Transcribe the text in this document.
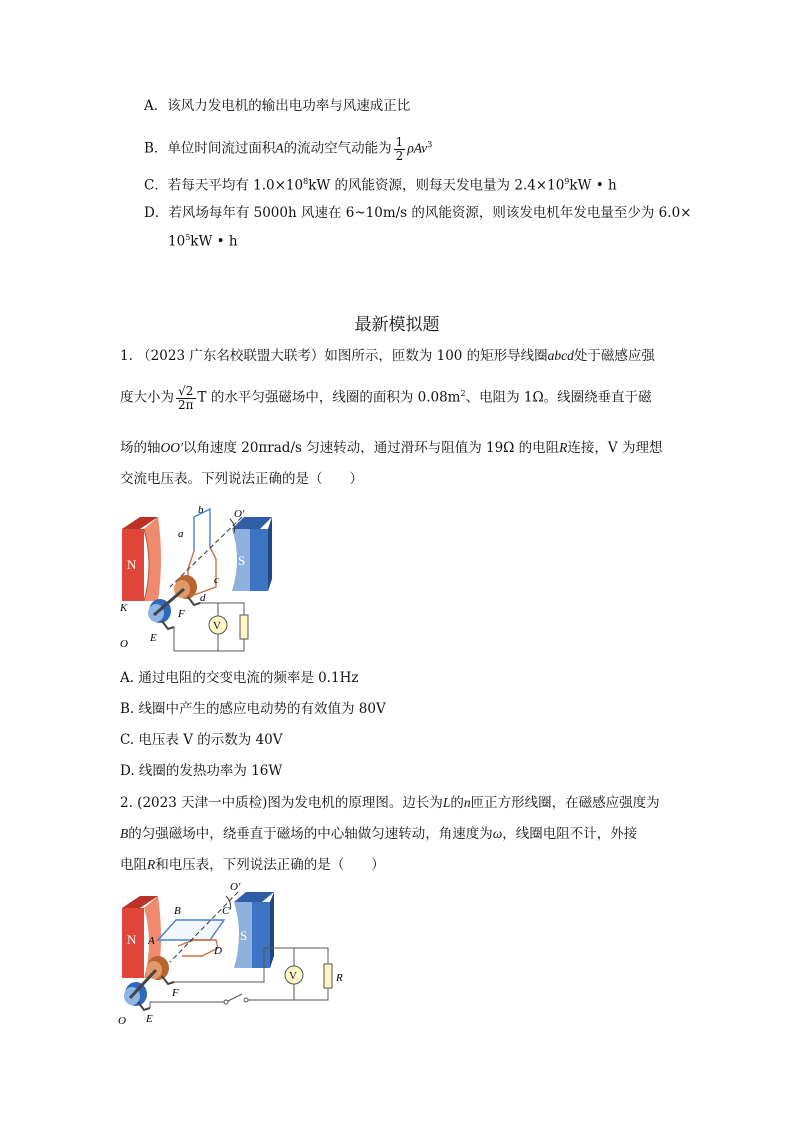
A．该风力发电机的输出电功率与风速成正比
B．单位时间流过面积A的流动空气动能为 $\frac{1}{2} \rho Av^3$
C．若每天平均有 $1.0\times 10^8kW$ 的风能资源，则每天发电量为 $2.4\times 10^9kW$ • h
D．若风场每年有 5000h 风速在 6~10m/s 的风能资源，则该发电机年发电量至少为 6.0×
$10^5kW$ • h
最新模拟题
1. （2023 广东名校联盟大联考）如图所示，匝数为 100 的矩形导线圈abcd处于磁感应强
度大小为 $\frac{√2}{2\pi}$ T 的水平匀强磁场中，线圈的面积为 $0.08m^2$、电阻为 1Ω。线圈绕垂直于磁
场的轴OO′以角速度 20πrad/s 匀速转动，通过滑环与阻值为 19Ω 的电阻R连接，V 为理想
交流电压表。下列说法正确的是（　　）
N	S
V
b
a
c
d
O′
K	F
O E
A. 通过电阻的交变电流的频率是 0.1Hz
B. 线圈中产生的感应电动势的有效值为 80V
C. 电压表 V 的示数为 40V
D. 线圈的发热功率为 16W
2. (2023 天津一中质检)图为发电机的原理图。边长为L的n匝正方形线圈，在磁感应强度为
B的匀强磁场中，绕垂直于磁场的中心轴做匀速转动，角速度为ω，线圈电阻不计，外接
电阻R和电压表，下列说法正确的是（　　）
N	S
V	R
O′
C
B
A
D
F
O E
